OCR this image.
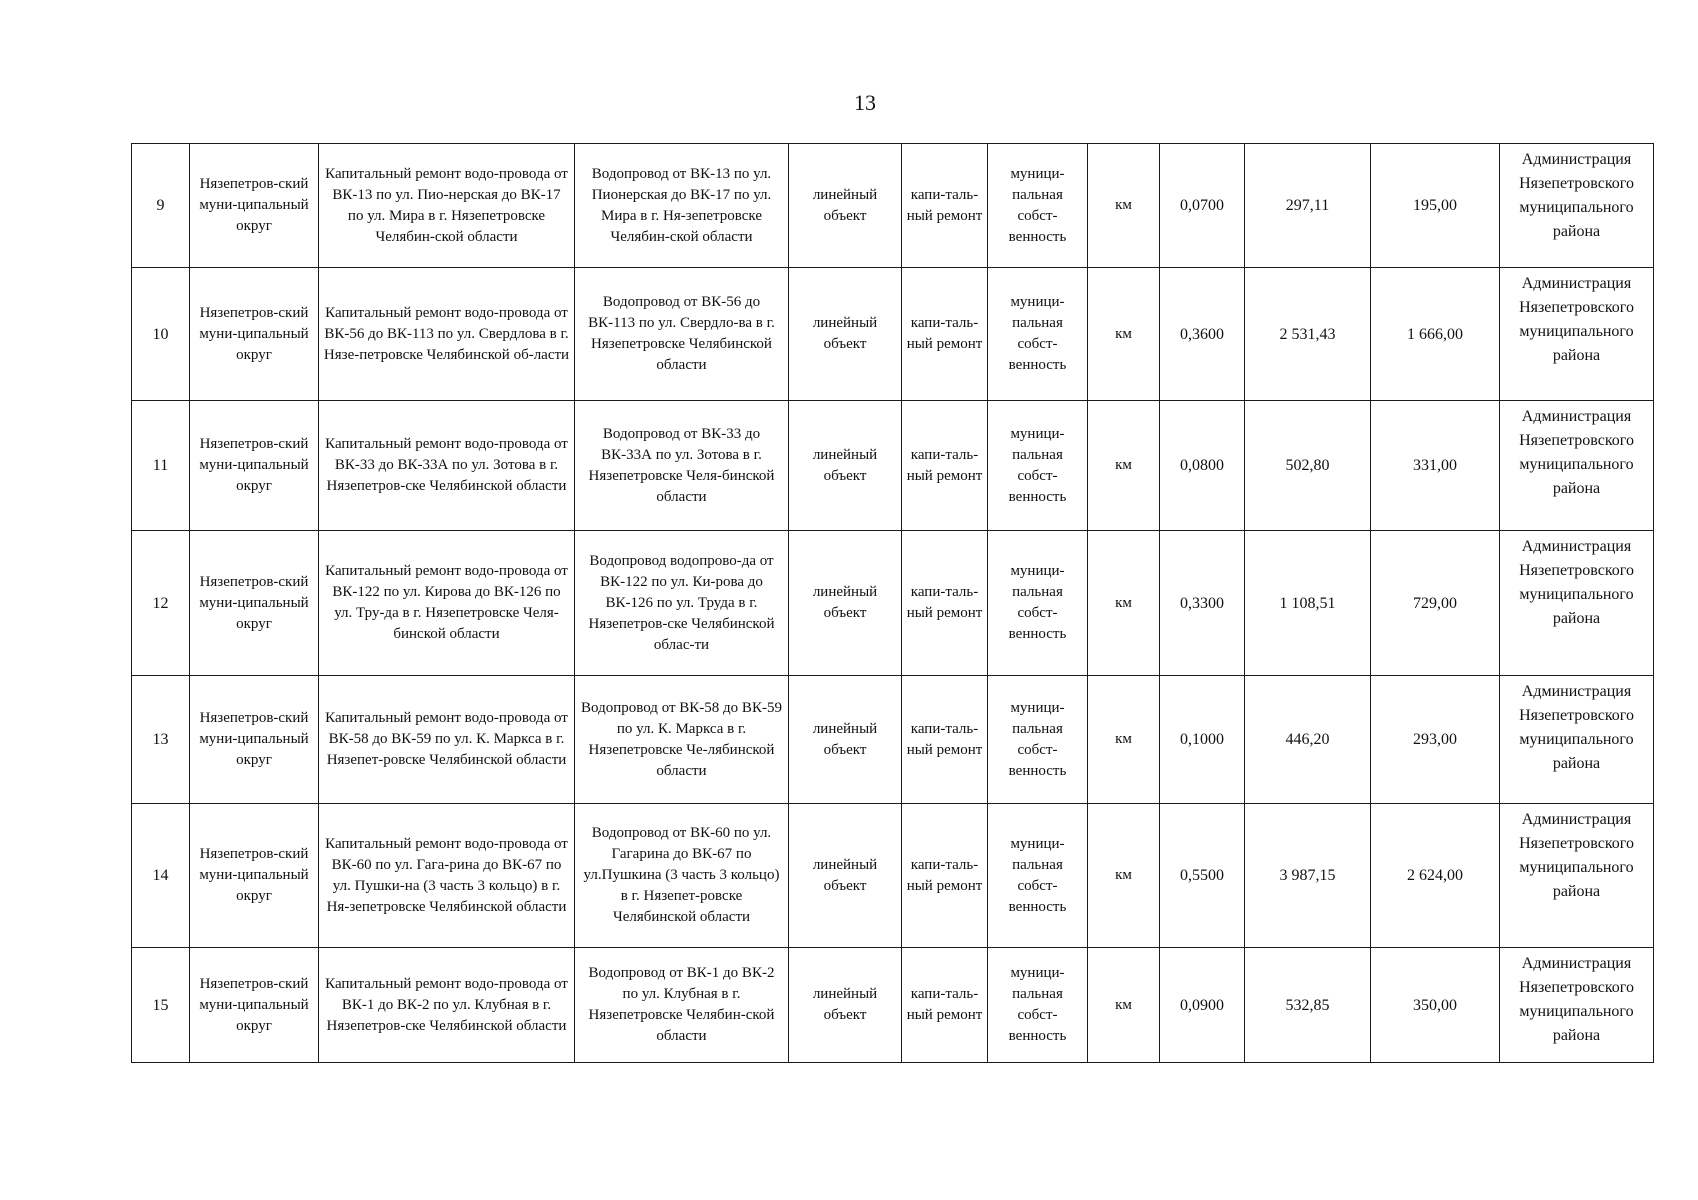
13
9	Нязепетров-ский муни-ципальный округ	Капитальный ремонт водо-провода от ВК-13 по ул. Пио-нерская до ВК-17 по ул. Мира в г. Нязепетровске Челябин-ской области	Водопровод от ВК-13 по ул. Пионерская до ВК-17 по ул. Мира в г. Ня-зепетровске Челябин-ской области	линейный объект	капи-таль-ный ремонт	муници-пальная собст-венность	км	0,0700	297,11	195,00	Администрация Нязепетровского муниципального района
10	Нязепетров-ский муни-ципальный округ	Капитальный ремонт водо-провода от ВК-56 до ВК-113 по ул. Свердлова в г. Нязе-петровске Челябинской об-ласти	Водопровод от ВК-56 до ВК-113 по ул. Свердло-ва в г. Нязепетровске Челябинской области	линейный объект	капи-таль-ный ремонт	муници-пальная собст-венность	км	0,3600	2 531,43	1 666,00	Администрация Нязепетровского муниципального района
11	Нязепетров-ский муни-ципальный округ	Капитальный ремонт водо-провода от ВК-33 до ВК-33А по ул. Зотова в г. Нязепетров-ске Челябинской области	Водопровод от ВК-33 до ВК-33А по ул. Зотова в г. Нязепетровске Челя-бинской области	линейный объект	капи-таль-ный ремонт	муници-пальная собст-венность	км	0,0800	502,80	331,00	Администрация Нязепетровского муниципального района
12	Нязепетров-ский муни-ципальный округ	Капитальный ремонт водо-провода от ВК-122 по ул. Кирова до ВК-126 по ул. Тру-да в г. Нязепетровске Челя-бинской области	Водопровод водопрово-да от ВК-122 по ул. Ки-рова до ВК-126 по ул. Труда в г. Нязепетров-ске Челябинской облас-ти	линейный объект	капи-таль-ный ремонт	муници-пальная собст-венность	км	0,3300	1 108,51	729,00	Администрация Нязепетровского муниципального района
13	Нязепетров-ский муни-ципальный округ	Капитальный ремонт водо-провода от ВК-58 до ВК-59 по ул. К. Маркса в г. Нязепет-ровске Челябинской области	Водопровод от ВК-58 до ВК-59 по ул. К. Маркса в г. Нязепетровске Че-лябинской области	линейный объект	капи-таль-ный ремонт	муници-пальная собст-венность	км	0,1000	446,20	293,00	Администрация Нязепетровского муниципального района
14	Нязепетров-ский муни-ципальный округ	Капитальный ремонт водо-провода от ВК-60 по ул. Гага-рина до ВК-67 по ул. Пушки-на (3 часть 3 кольцо) в г. Ня-зепетровске Челябинской области	Водопровод от ВК-60 по ул. Гагарина до ВК-67 по ул.Пушкина (3 часть 3 кольцо) в г. Нязепет-ровске Челябинской области	линейный объект	капи-таль-ный ремонт	муници-пальная собст-венность	км	0,5500	3 987,15	2 624,00	Администрация Нязепетровского муниципального района
15	Нязепетров-ский муни-ципальный округ	Капитальный ремонт водо-провода от ВК-1 до ВК-2 по ул. Клубная в г. Нязепетров-ске Челябинской области	Водопровод от ВК-1 до ВК-2 по ул. Клубная в г. Нязепетровске Челябин-ской области	линейный объект	капи-таль-ный ремонт	муници-пальная собст-венность	км	0,0900	532,85	350,00	Администрация Нязепетровского муниципального района
